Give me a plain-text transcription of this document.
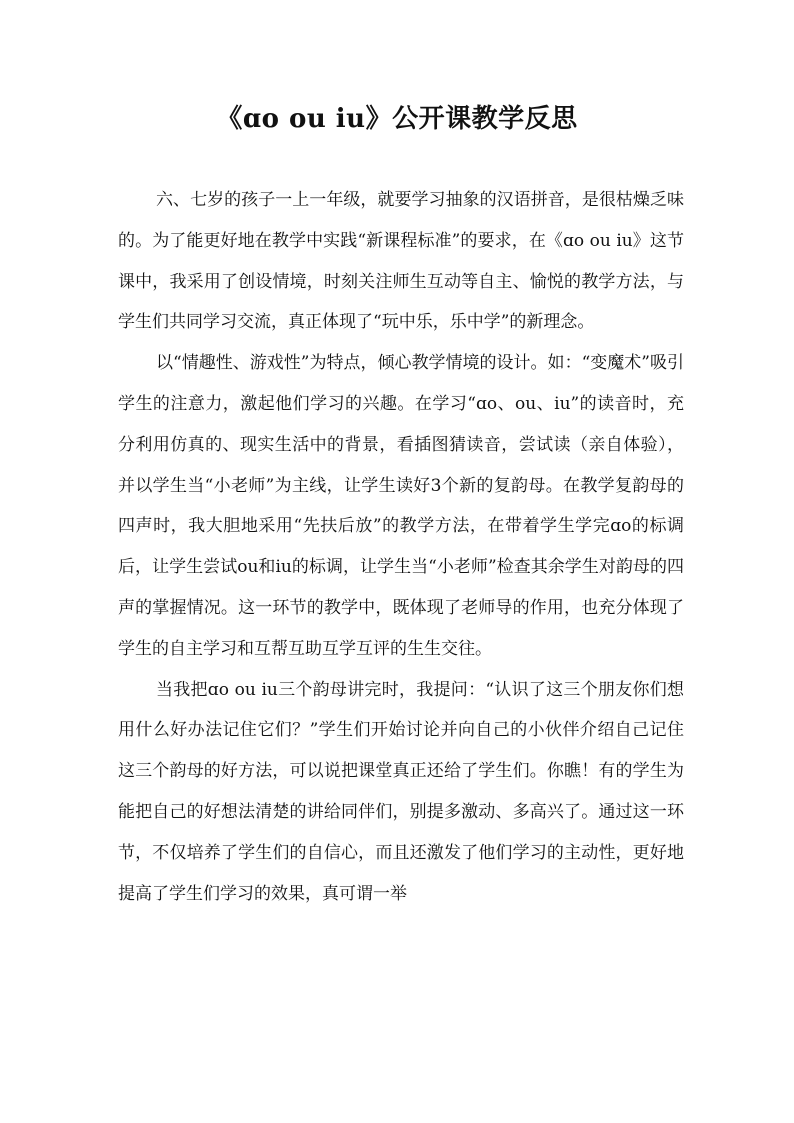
《ɑo ou iu》公开课教学反思

六、七岁的孩子一上一年级，就要学习抽象的汉语拼音，是很枯燥乏味的。为了能更好地在教学中实践“新课程标准”的要求，在《ɑo ou iu》这节课中，我采用了创设情境，时刻关注师生互动等自主、愉悦的教学方法，与学生们共同学习交流，真正体现了“玩中乐，乐中学”的新理念。

以“情趣性、游戏性”为特点，倾心教学情境的设计。如：“变魔术”吸引学生的注意力，激起他们学习的兴趣。在学习“ɑo、ou、iu”的读音时，充分利用仿真的、现实生活中的背景，看插图猜读音，尝试读（亲自体验），并以学生当“小老师”为主线，让学生读好3个新的复韵母。在教学复韵母的四声时，我大胆地采用“先扶后放”的教学方法，在带着学生学完ɑo的标调后，让学生尝试ou和iu的标调，让学生当“小老师”检查其余学生对韵母的四声的掌握情况。这一环节的教学中，既体现了老师导的作用，也充分体现了学生的自主学习和互帮互助互学互评的生生交往。

当我把ɑo ou iu三个韵母讲完时，我提问：“认识了这三个朋友你们想用什么好办法记住它们？”学生们开始讨论并向自己的小伙伴介绍自己记住这三个韵母的好方法，可以说把课堂真正还给了学生们。你瞧！有的学生为能把自己的好想法清楚的讲给同伴们，别提多激动、多高兴了。通过这一环节，不仅培养了学生们的自信心，而且还激发了他们学习的主动性，更好地提高了学生们学习的效果，真可谓一举
